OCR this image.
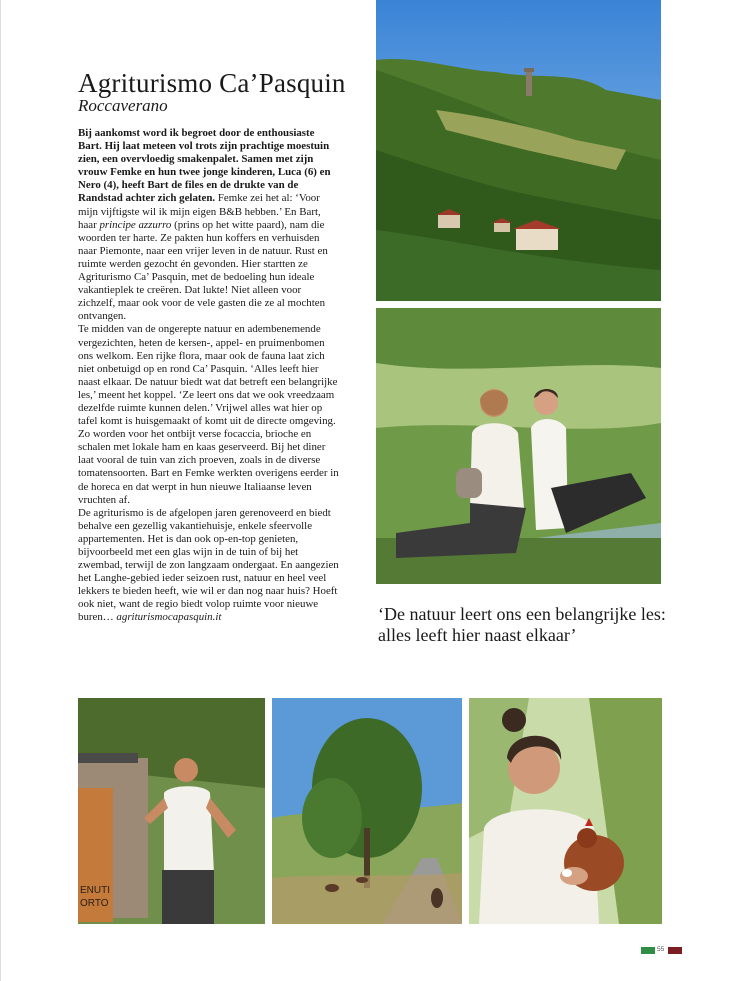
Agriturismo Ca’Pasquin
Roccaverano

Bij aankomst word ik begroet door de enthousiaste Bart. Hij laat meteen vol trots zijn prachtige moestuin zien, een overvloedig smakenpalet. Samen met zijn vrouw Femke en hun twee jonge kinderen, Luca (6) en Nero (4), heeft Bart de files en de drukte van de Randstad achter zich gelaten. Femke zei het al: ‘Voor mijn vijftigste wil ik mijn eigen B&B hebben.’ En Bart, haar principe azzurro (prins op het witte paard), nam die woorden ter harte. Ze pakten hun koffers en verhuisden naar Piemonte, naar een vrijer leven in de natuur. Rust en ruimte werden gezocht én gevonden. Hier startten ze Agriturismo Ca’ Pasquin, met de bedoeling hun ideale vakantieplek te creëren. Dat lukte! Niet alleen voor zichzelf, maar ook voor de vele gasten die ze al mochten ontvangen.

Te midden van de ongerepte natuur en adembenemende vergezichten, heten de kersen-, appel- en pruimenbomen ons welkom. Een rijke flora, maar ook de fauna laat zich niet onbetuigd op en rond Ca’ Pasquin. ‘Alles leeft hier naast elkaar. De natuur biedt wat dat betreft een belangrijke les,’ meent het koppel. ‘Ze leert ons dat we ook vreedzaam dezelfde ruimte kunnen delen.’ Vrijwel alles wat hier op tafel komt is huisgemaakt of komt uit de directe omgeving. Zo worden voor het ontbijt verse focaccia, brioche en schalen met lokale ham en kaas geserveerd. Bij het diner laat vooral de tuin van zich proeven, zoals in de diverse tomatensoorten. Bart en Femke werkten overigens eerder in de horeca en dat werpt in hun nieuwe Italiaanse leven vruchten af.

De agriturismo is de afgelopen jaren gerenoveerd en biedt behalve een gezellig vakantiehuisje, enkele sfeervolle appartementen. Het is dan ook op-en-top genieten, bijvoorbeeld met een glas wijn in de tuin of bij het zwembad, terwijl de zon langzaam ondergaat. En aangezien het Langhe-gebied ieder seizoen rust, natuur en heel veel lekkers te bieden heeft, wie wil er dan nog naar huis? Hoeft ook niet, want de regio biedt volop ruimte voor nieuwe buren… agriturismocapasquin.it	‘De natuur leert ons een belangrijke les: alles leeft hier naast elkaar’
ENUTI
ORTO
55
